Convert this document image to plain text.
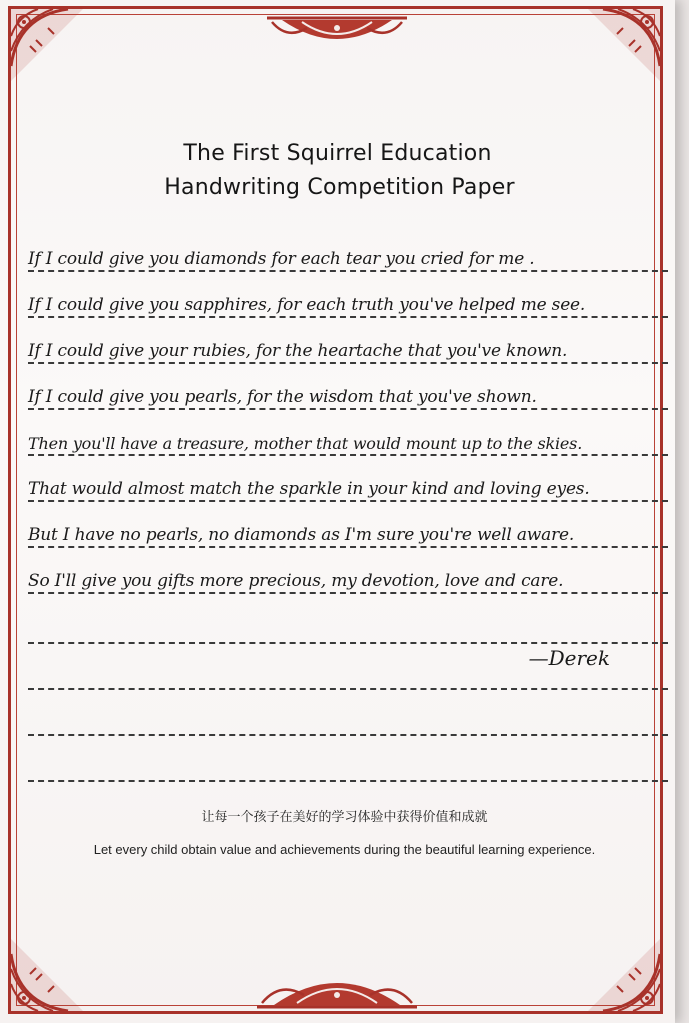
The First Squirrel Education
Handwriting Competition Paper
If I could give you diamonds for each tear you cried for me .
If I could give you sapphires, for each truth you've helped me see.
If I could give your rubies, for the heartache that you've known.
If I could give you pearls, for the wisdom that you've shown.
Then you'll have a treasure, mother that would mount up to the skies.
That would almost match the sparkle in your kind and loving eyes.
But I have no pearls, no diamonds as I'm sure you're well aware.
So I'll give you gifts more precious, my devotion, love and care.
—Derek
让每一个孩子在美好的学习体验中获得价值和成就
Let every child obtain value and achievements during the beautiful learning experience.
